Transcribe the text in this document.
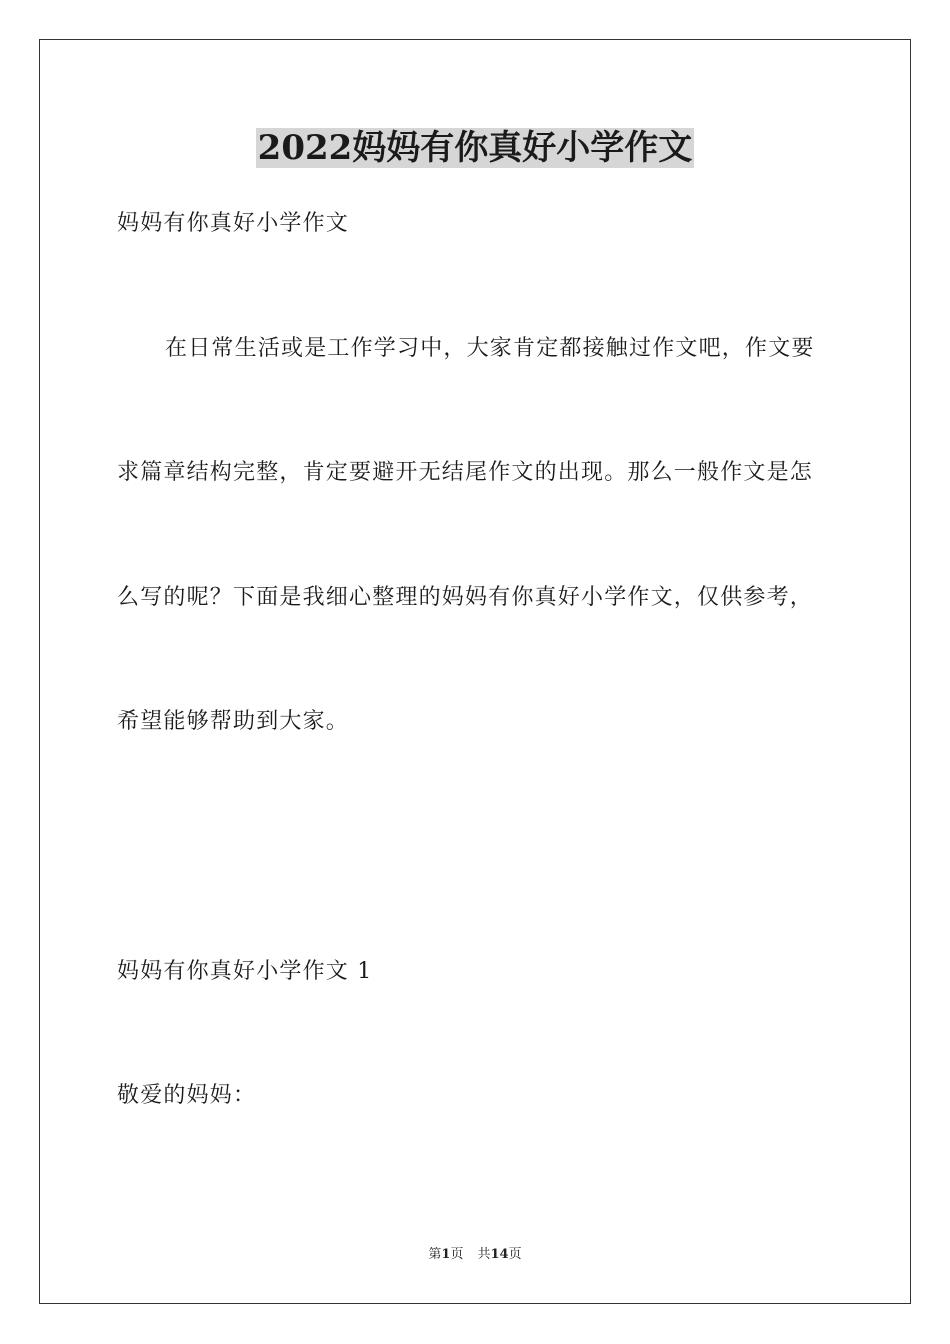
2022妈妈有你真好小学作文

妈妈有你真好小学作文

在日常生活或是工作学习中，大家肯定都接触过作文吧，作文要

求篇章结构完整，肯定要避开无结尾作文的出现。那么一般作文是怎

么写的呢？下面是我细心整理的妈妈有你真好小学作文，仅供参考，

希望能够帮助到大家。

妈妈有你真好小学作文 1

敬爱的妈妈：

第1页 共14页
